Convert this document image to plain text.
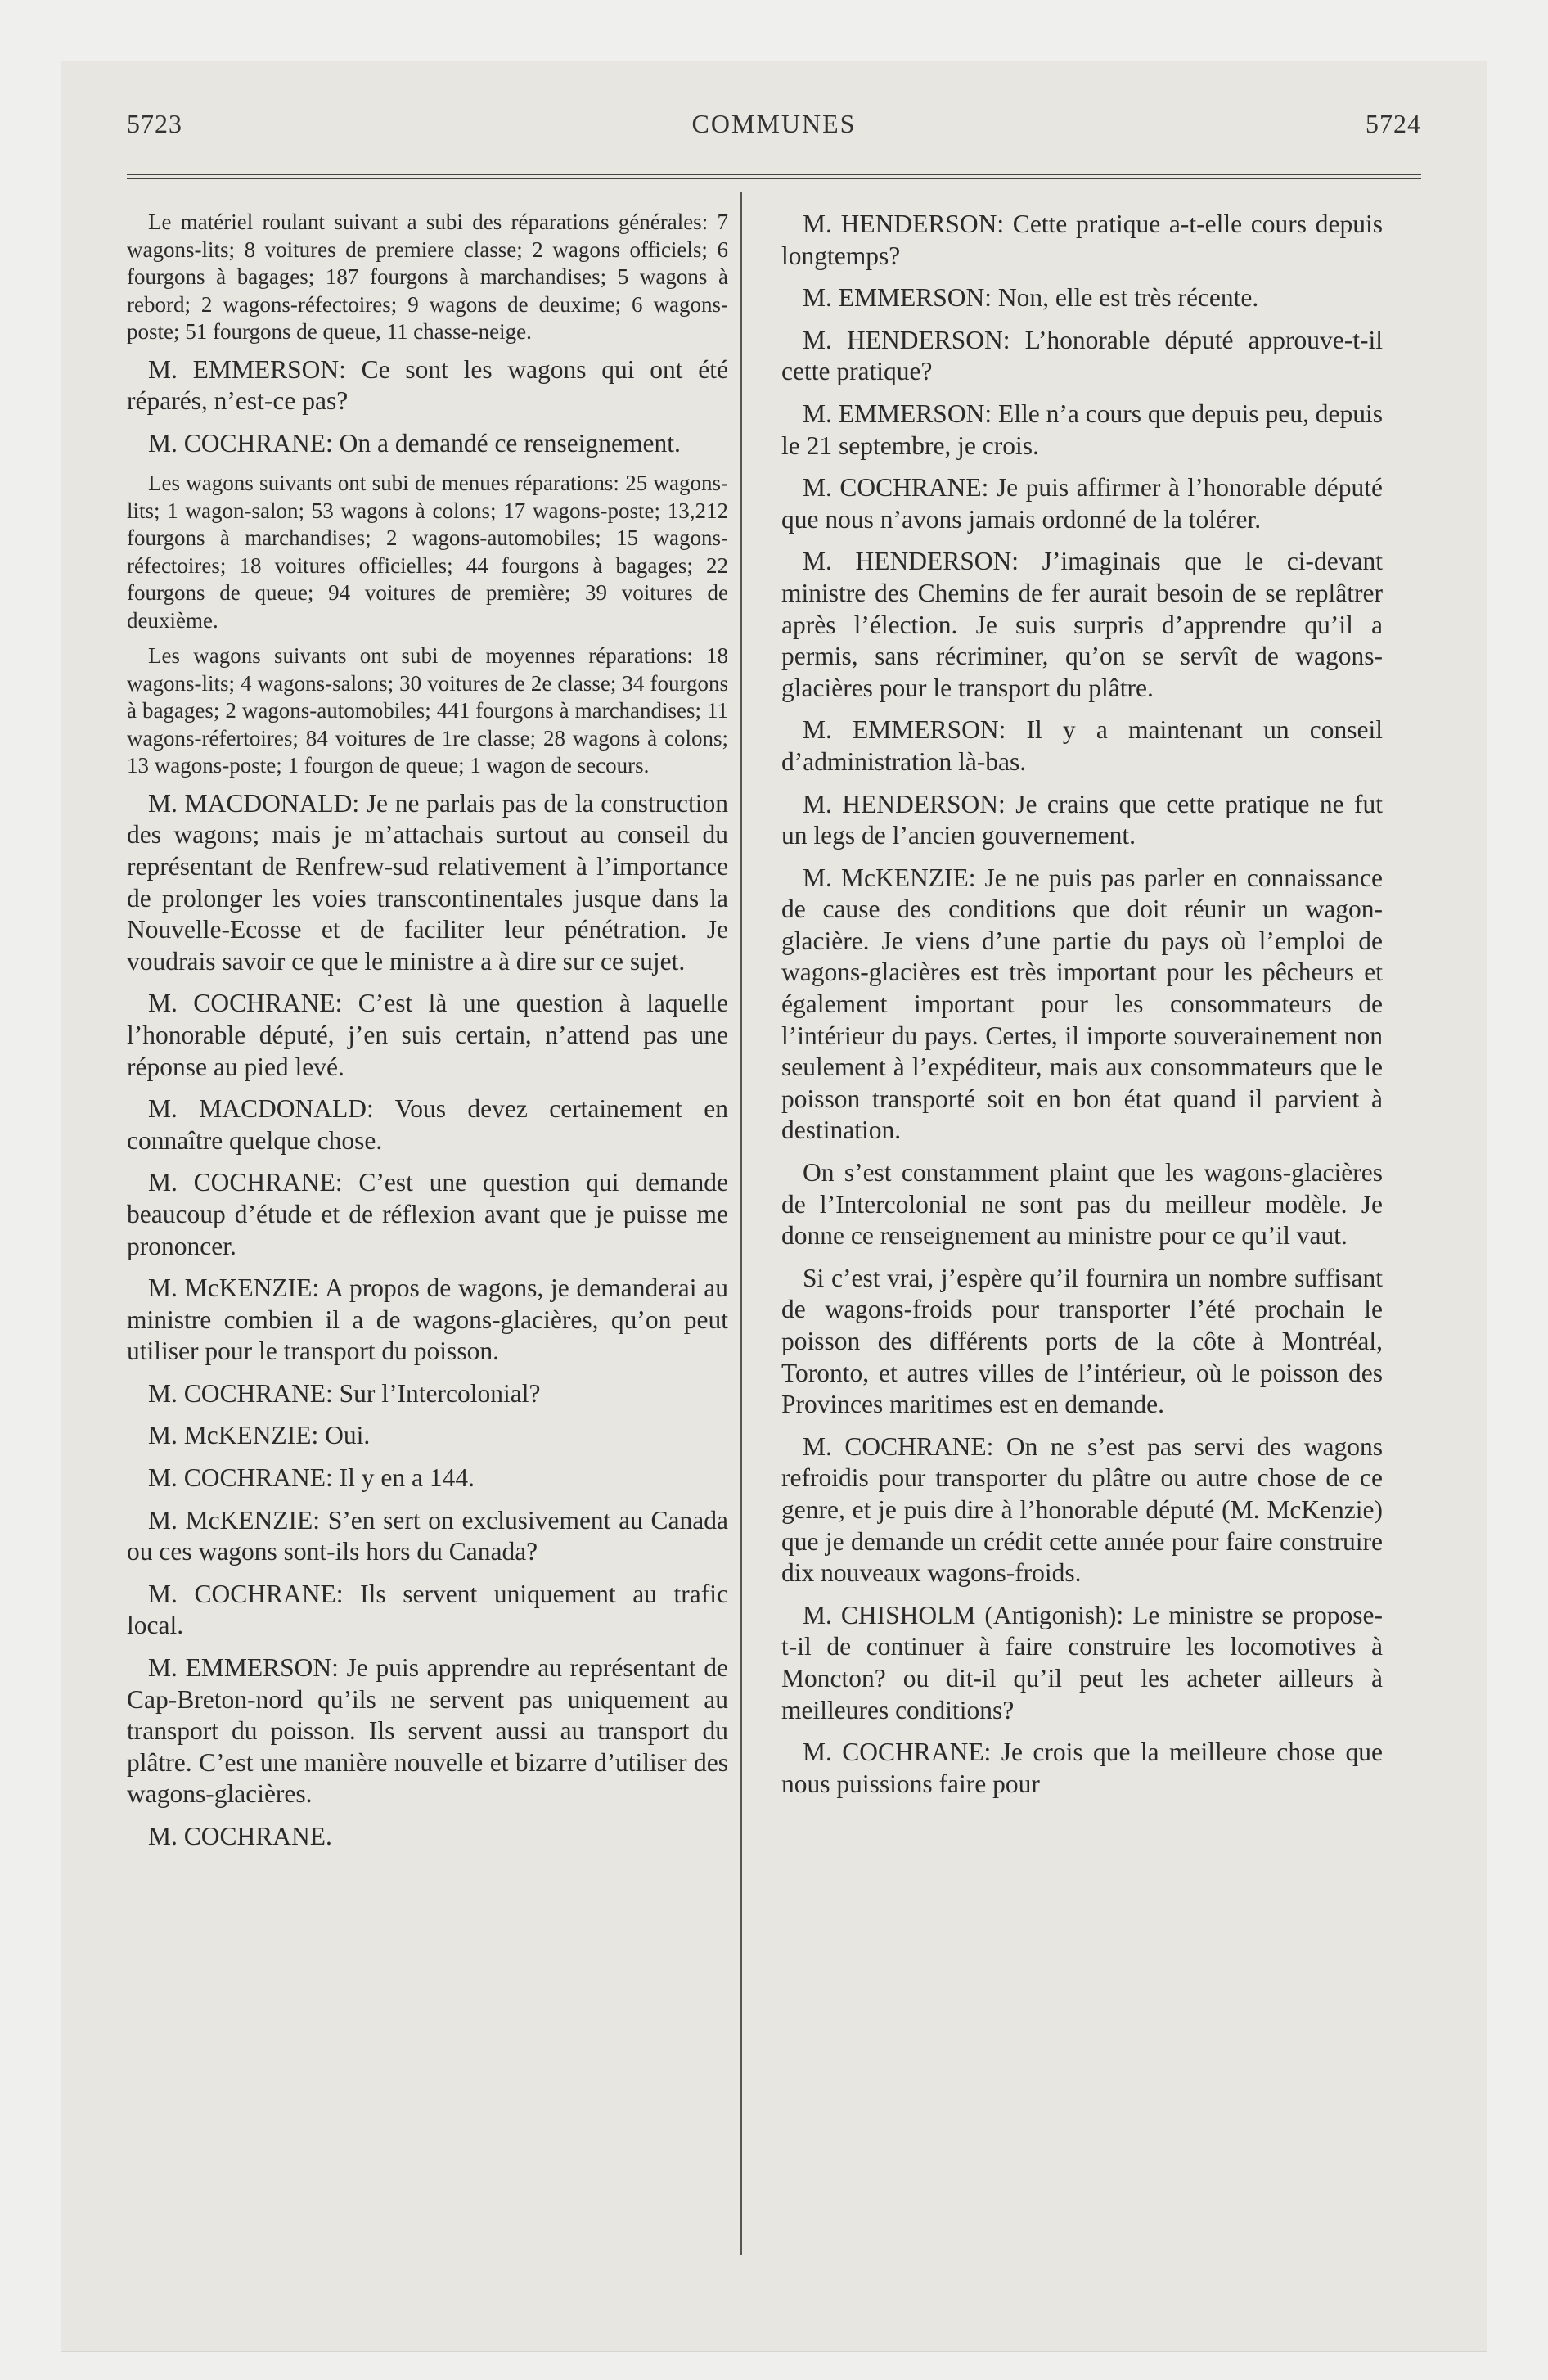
5723	COMMUNES	5724

Le matériel roulant suivant a subi des réparations générales: 7 wagons-lits; 8 voitures de premiere classe; 2 wagons officiels; 6 fourgons à bagages; 187 fourgons à marchandises; 5 wagons à rebord; 2 wagons-réfectoires; 9 wagons de deuxime; 6 wagons-poste; 51 fourgons de queue, 11 chasse-neige.

M. EMMERSON: Ce sont les wagons qui ont été réparés, n’est-ce pas?

M. COCHRANE: On a demandé ce renseignement.

Les wagons suivants ont subi de menues réparations: 25 wagons-lits; 1 wagon-salon; 53 wagons à colons; 17 wagons-poste; 13,212 fourgons à marchandises; 2 wagons-automobiles; 15 wagons-réfectoires; 18 voitures officielles; 44 fourgons à bagages; 22 fourgons de queue; 94 voitures de première; 39 voitures de deuxième.

Les wagons suivants ont subi de moyennes réparations: 18 wagons-lits; 4 wagons-salons; 30 voitures de 2e classe; 34 fourgons à bagages; 2 wagons-automobiles; 441 fourgons à marchandises; 11 wagons-réfertoires; 84 voitures de 1re classe; 28 wagons à colons; 13 wagons-poste; 1 fourgon de queue; 1 wagon de secours.

M. MACDONALD: Je ne parlais pas de la construction des wagons; mais je m’attachais surtout au conseil du représentant de Renfrew-sud relativement à l’importance de prolonger les voies transcontinentales jusque dans la Nouvelle-Ecosse et de faciliter leur pénétration. Je voudrais savoir ce que le ministre a à dire sur ce sujet.

M. COCHRANE: C’est là une question à laquelle l’honorable député, j’en suis certain, n’attend pas une réponse au pied levé.

M. MACDONALD: Vous devez certainement en connaître quelque chose.

M. COCHRANE: C’est une question qui demande beaucoup d’étude et de réflexion avant que je puisse me prononcer.

M. McKENZIE: A propos de wagons, je demanderai au ministre combien il a de wagons-glacières, qu’on peut utiliser pour le transport du poisson.

M. COCHRANE: Sur l’Intercolonial?

M. McKENZIE: Oui.

M. COCHRANE: Il y en a 144.

M. McKENZIE: S’en sert on exclusivement au Canada ou ces wagons sont-ils hors du Canada?

M. COCHRANE: Ils servent uniquement au trafic local.

M. EMMERSON: Je puis apprendre au représentant de Cap-Breton-nord qu’ils ne servent pas uniquement au transport du poisson. Ils servent aussi au transport du plâtre. C’est une manière nouvelle et bizarre d’utiliser des wagons-glacières.

M. COCHRANE.

M. HENDERSON: Cette pratique a-t-elle cours depuis longtemps?

M. EMMERSON: Non, elle est très récente.

M. HENDERSON: L’honorable député approuve-t-il cette pratique?

M. EMMERSON: Elle n’a cours que depuis peu, depuis le 21 septembre, je crois.

M. COCHRANE: Je puis affirmer à l’honorable député que nous n’avons jamais ordonné de la tolérer.

M. HENDERSON: J’imaginais que le ci-devant ministre des Chemins de fer aurait besoin de se replâtrer après l’élection. Je suis surpris d’apprendre qu’il a permis, sans récriminer, qu’on se servît de wagons-glacières pour le transport du plâtre.

M. EMMERSON: Il y a maintenant un conseil d’administration là-bas.

M. HENDERSON: Je crains que cette pratique ne fut un legs de l’ancien gouvernement.

M. McKENZIE: Je ne puis pas parler en connaissance de cause des conditions que doit réunir un wagon-glacière. Je viens d’une partie du pays où l’emploi de wagons-glacières est très important pour les pêcheurs et également important pour les consommateurs de l’intérieur du pays. Certes, il importe souverainement non seulement à l’expéditeur, mais aux consommateurs que le poisson transporté soit en bon état quand il parvient à destination.

On s’est constamment plaint que les wagons-glacières de l’Intercolonial ne sont pas du meilleur modèle. Je donne ce renseignement au ministre pour ce qu’il vaut.

Si c’est vrai, j’espère qu’il fournira un nombre suffisant de wagons-froids pour transporter l’été prochain le poisson des différents ports de la côte à Montréal, Toronto, et autres villes de l’intérieur, où le poisson des Provinces maritimes est en demande.

M. COCHRANE: On ne s’est pas servi des wagons refroidis pour transporter du plâtre ou autre chose de ce genre, et je puis dire à l’honorable député (M. McKenzie) que je demande un crédit cette année pour faire construire dix nouveaux wagons-froids.

M. CHISHOLM (Antigonish): Le ministre se propose-t-il de continuer à faire construire les locomotives à Moncton? ou dit-il qu’il peut les acheter ailleurs à meilleures conditions?

M. COCHRANE: Je crois que la meilleure chose que nous puissions faire pour
